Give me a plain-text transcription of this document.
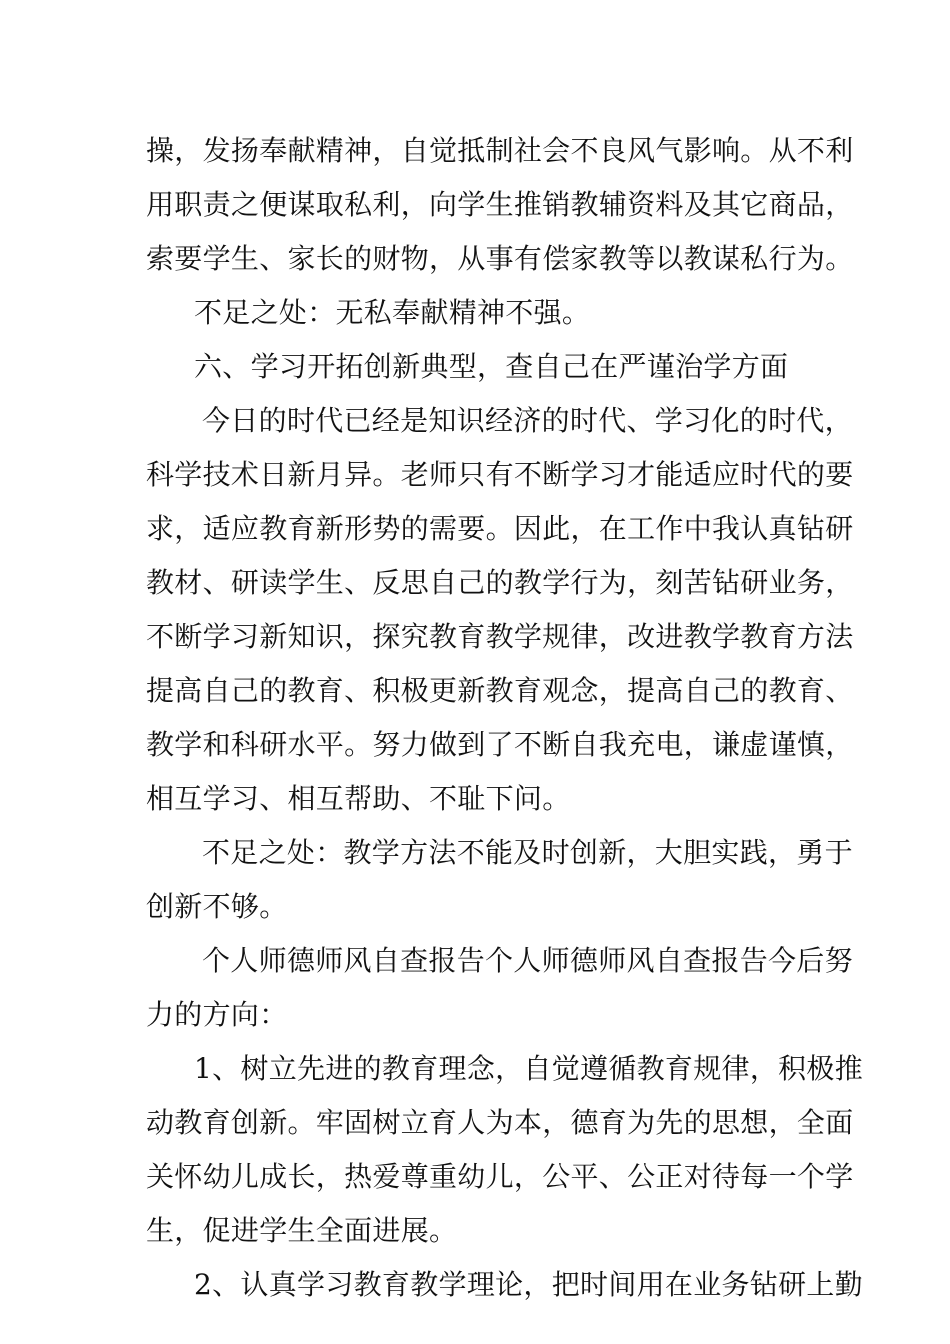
操，发扬奉献精神，自觉抵制社会不良风气影响。从不利
用职责之便谋取私利，向学生推销教辅资料及其它商品，
索要学生、家长的财物，从事有偿家教等以教谋私行为。

不足之处：无私奉献精神不强。

六、学习开拓创新典型，查自己在严谨治学方面

今日的时代已经是知识经济的时代、学习化的时代，
科学技术日新月异。老师只有不断学习才能适应时代的要
求，适应教育新形势的需要。因此，在工作中我认真钻研
教材、研读学生、反思自己的教学行为，刻苦钻研业务，
不断学习新知识，探究教育教学规律，改进教学教育方法
提高自己的教育、积极更新教育观念，提高自己的教育、
教学和科研水平。努力做到了不断自我充电，谦虚谨慎，
相互学习、相互帮助、不耻下问。

不足之处：教学方法不能及时创新，大胆实践，勇于
创新不够。

个人师德师风自查报告个人师德师风自查报告今后努
力的方向：

1、树立先进的教育理念，自觉遵循教育规律，积极推
动教育创新。牢固树立育人为本，德育为先的思想，全面
关怀幼儿成长，热爱尊重幼儿，公平、公正对待每一个学
生，促进学生全面进展。

2、认真学习教育教学理论，把时间用在业务钻研上勤
